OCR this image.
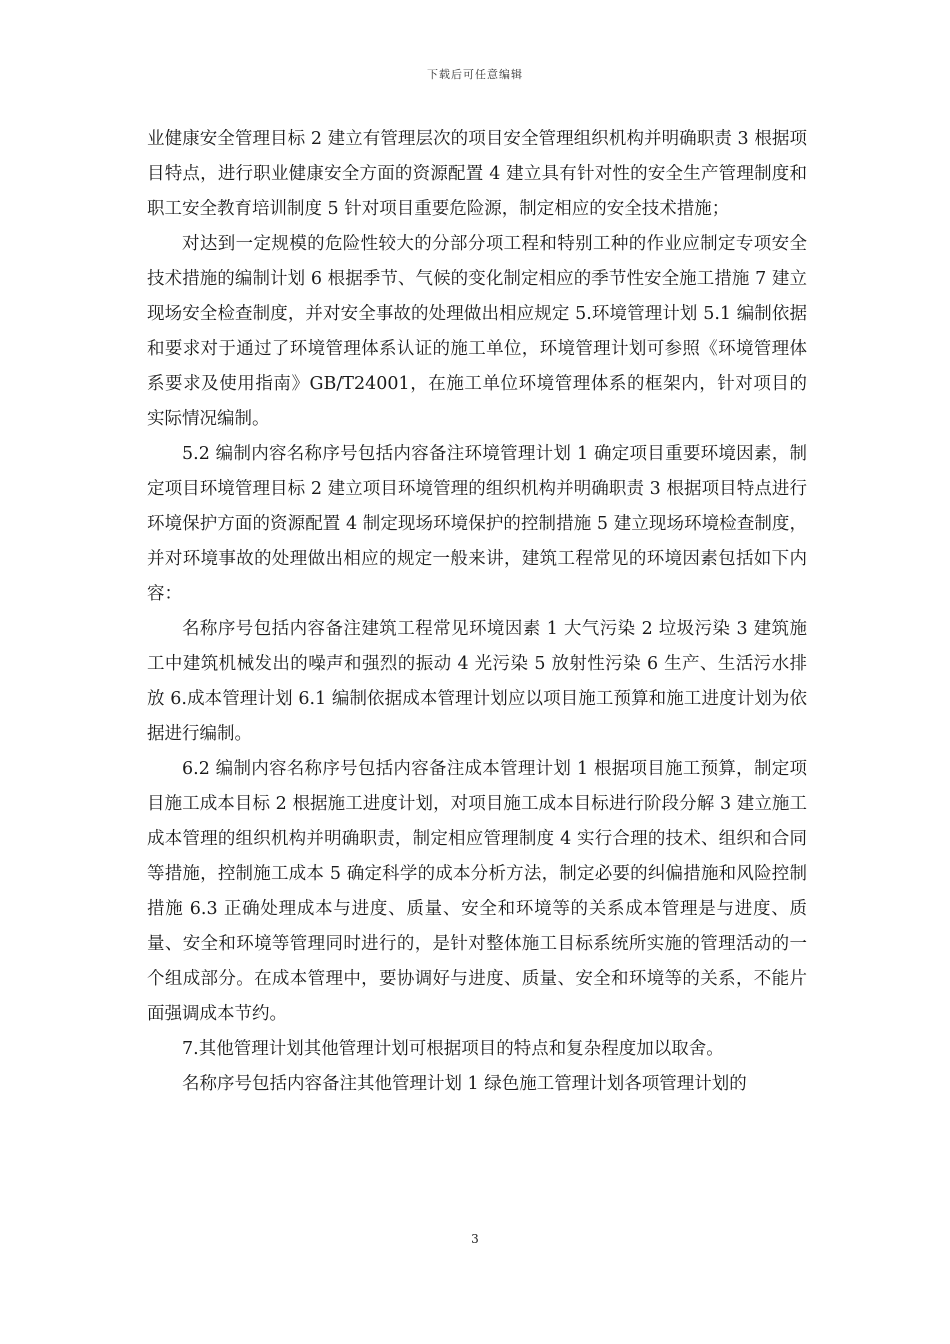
下载后可任意编辑

业健康安全管理目标 2 建立有管理层次的项目安全管理组织机构并明确职责 3 根据项目特点，进行职业健康安全方面的资源配置 4 建立具有针对性的安全生产管理制度和职工安全教育培训制度 5 针对项目重要危险源，制定相应的安全技术措施；

对达到一定规模的危险性较大的分部分项工程和特别工种的作业应制定专项安全技术措施的编制计划 6 根据季节、气候的变化制定相应的季节性安全施工措施 7 建立现场安全检查制度，并对安全事故的处理做出相应规定 5.环境管理计划 5.1 编制依据和要求对于通过了环境管理体系认证的施工单位，环境管理计划可参照《环境管理体系要求及使用指南》GB/T24001，在施工单位环境管理体系的框架内，针对项目的实际情况编制。

5.2 编制内容名称序号包括内容备注环境管理计划 1 确定项目重要环境因素，制定项目环境管理目标 2 建立项目环境管理的组织机构并明确职责 3 根据项目特点进行环境保护方面的资源配置 4 制定现场环境保护的控制措施 5 建立现场环境检查制度，并对环境事故的处理做出相应的规定一般来讲，建筑工程常见的环境因素包括如下内容：

名称序号包括内容备注建筑工程常见环境因素 1 大气污染 2 垃圾污染 3 建筑施工中建筑机械发出的噪声和强烈的振动 4 光污染 5 放射性污染 6 生产、生活污水排放 6.成本管理计划 6.1 编制依据成本管理计划应以项目施工预算和施工进度计划为依据进行编制。

6.2 编制内容名称序号包括内容备注成本管理计划 1 根据项目施工预算，制定项目施工成本目标 2 根据施工进度计划，对项目施工成本目标进行阶段分解 3 建立施工成本管理的组织机构并明确职责，制定相应管理制度 4 实行合理的技术、组织和合同等措施，控制施工成本 5 确定科学的成本分析方法，制定必要的纠偏措施和风险控制措施 6.3 正确处理成本与进度、质量、安全和环境等的关系成本管理是与进度、质量、安全和环境等管理同时进行的，是针对整体施工目标系统所实施的管理活动的一个组成部分。在成本管理中，要协调好与进度、质量、安全和环境等的关系，不能片面强调成本节约。

7.其他管理计划其他管理计划可根据项目的特点和复杂程度加以取舍。

名称序号包括内容备注其他管理计划 1 绿色施工管理计划各项管理计划的

3
